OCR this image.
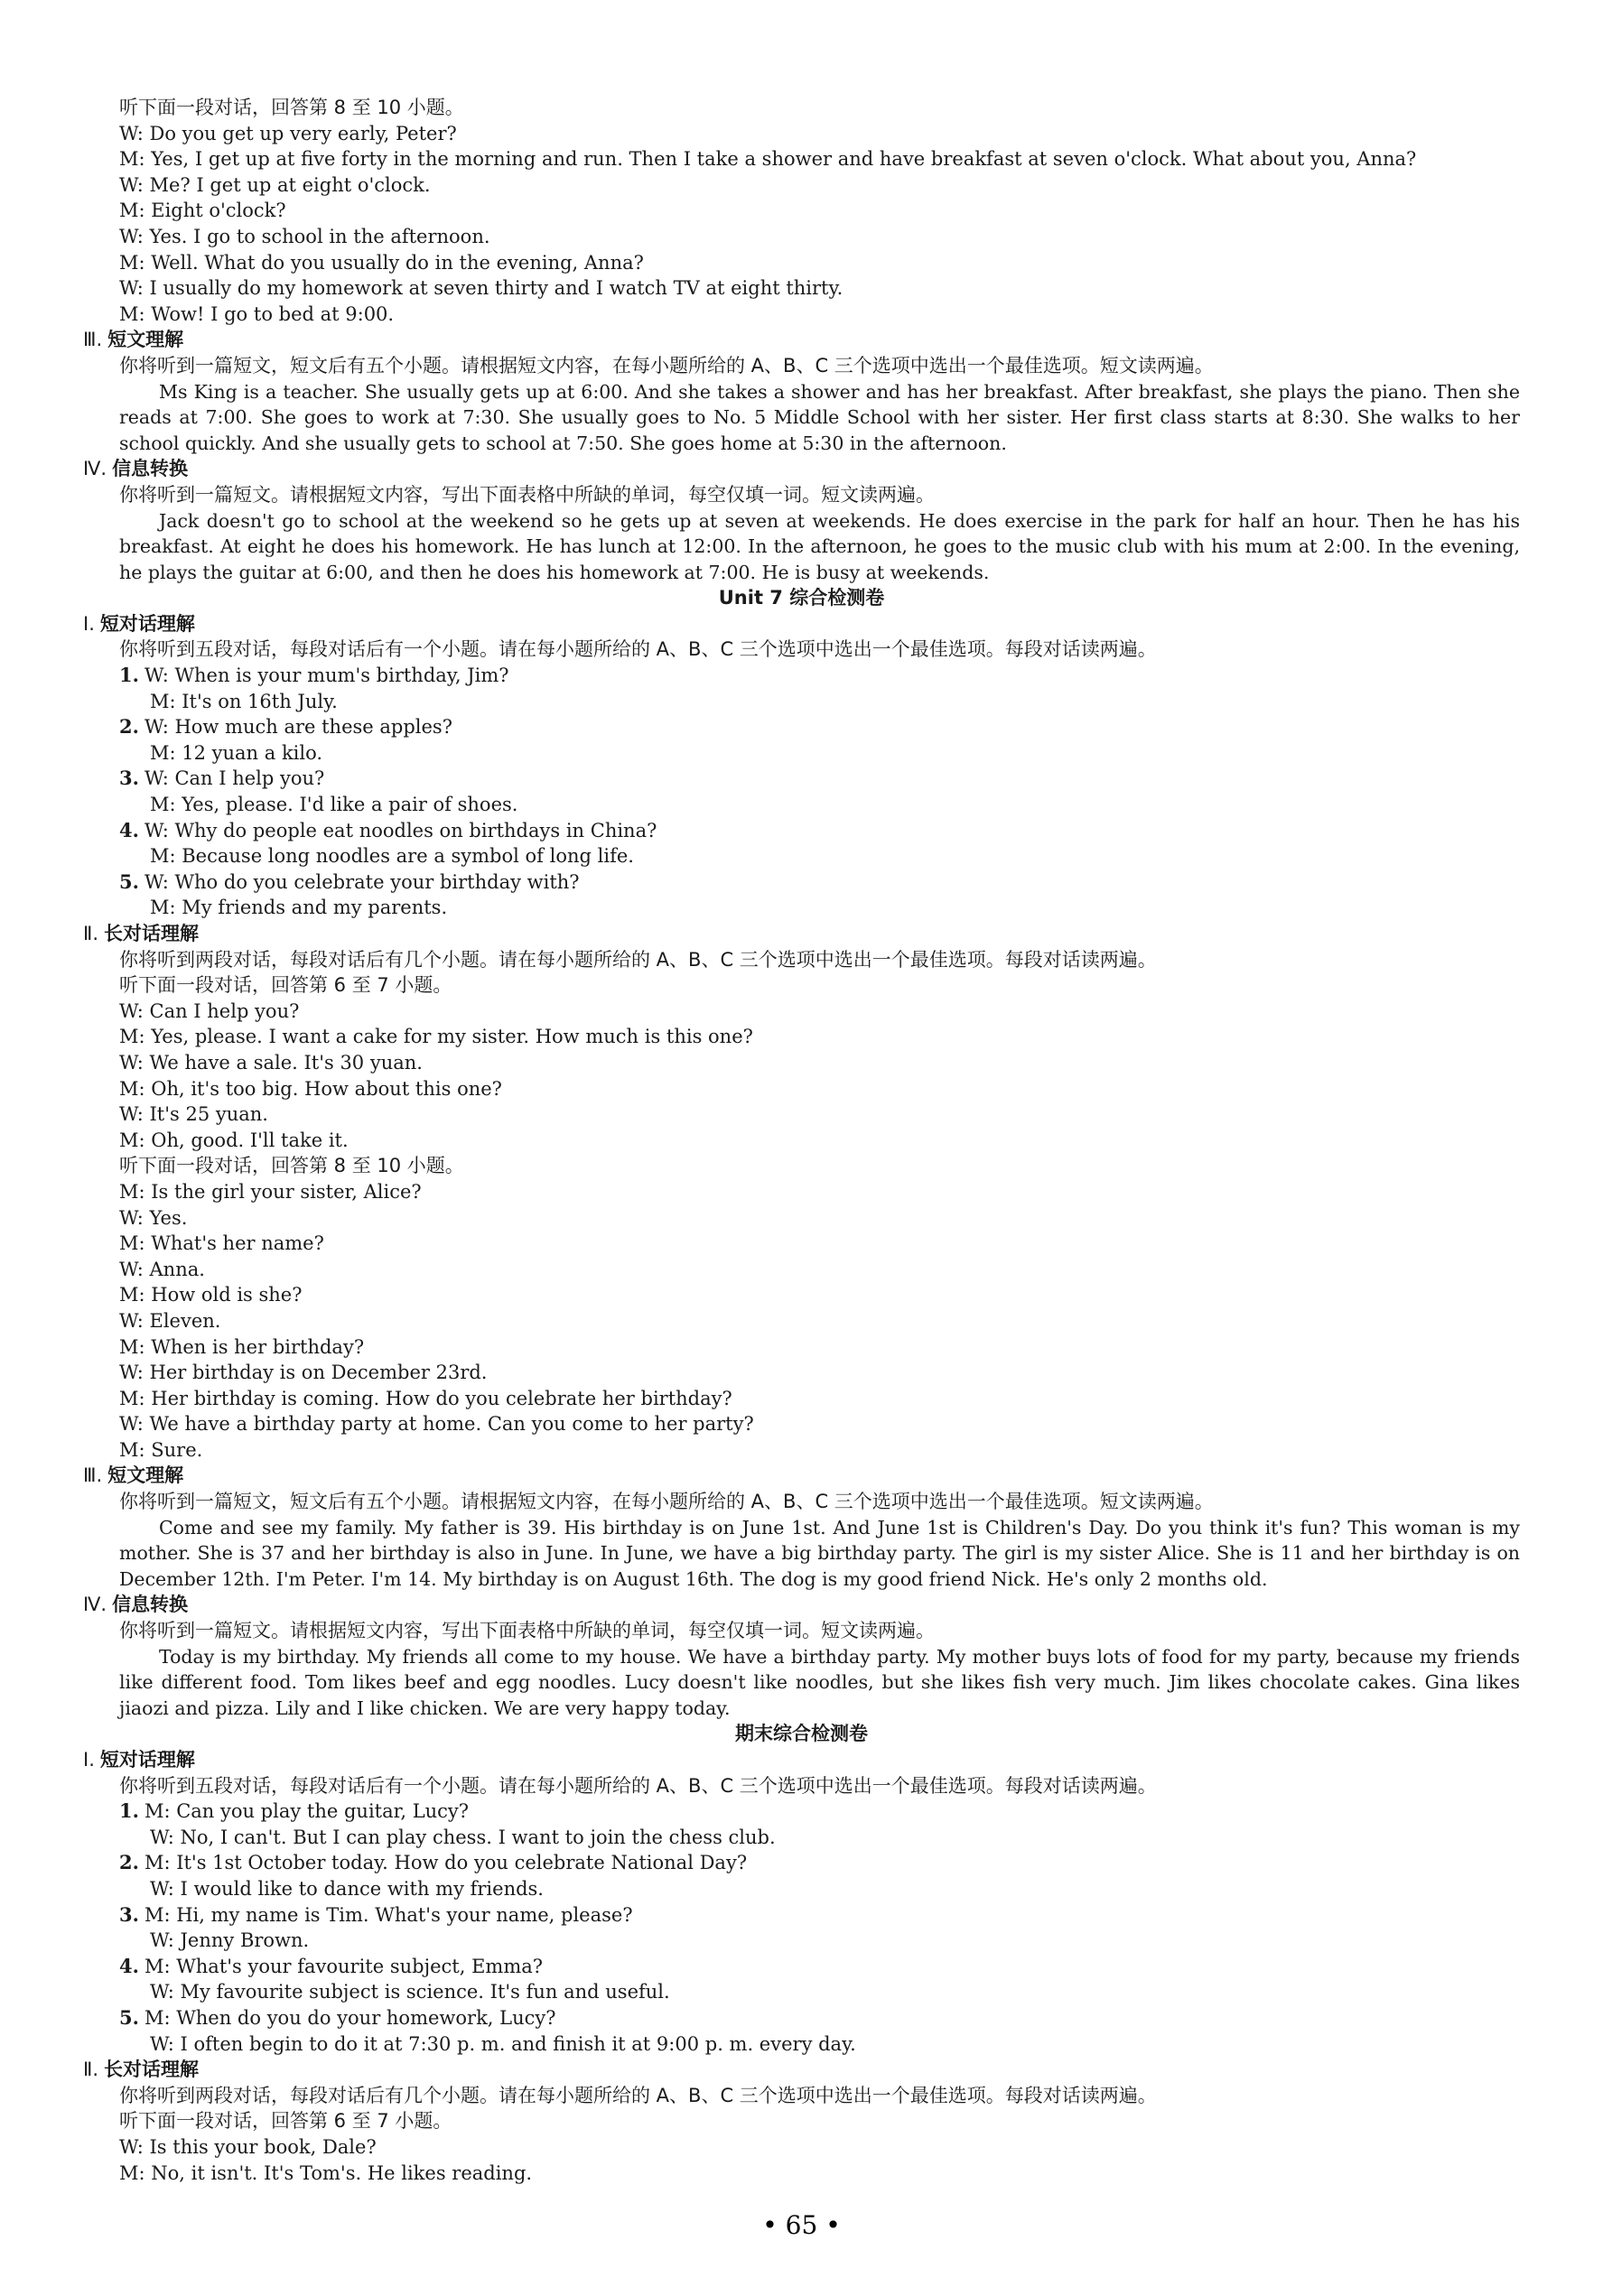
听下面一段对话，回答第 8 至 10 小题。
W: Do you get up very early, Peter?
M: Yes, I get up at five forty in the morning and run. Then I take a shower and have breakfast at seven o'clock. What about you, Anna?
W: Me? I get up at eight o'clock.
M: Eight o'clock?
W: Yes. I go to school in the afternoon.
M: Well. What do you usually do in the evening, Anna?
W: I usually do my homework at seven thirty and I watch TV at eight thirty.
M: Wow! I go to bed at 9:00.
Ⅲ. 短文理解
你将听到一篇短文，短文后有五个小题。请根据短文内容，在每小题所给的 A、B、C 三个选项中选出一个最佳选项。短文读两遍。
Ms King is a teacher. She usually gets up at 6:00. And she takes a shower and has her breakfast. After breakfast, she plays the piano. Then she reads at 7:00. She goes to work at 7:30. She usually goes to No. 5 Middle School with her sister. Her first class starts at 8:30. She walks to her school quickly. And she usually gets to school at 7:50. She goes home at 5:30 in the afternoon.
Ⅳ. 信息转换
你将听到一篇短文。请根据短文内容，写出下面表格中所缺的单词，每空仅填一词。短文读两遍。
Jack doesn't go to school at the weekend so he gets up at seven at weekends. He does exercise in the park for half an hour. Then he has his breakfast. At eight he does his homework. He has lunch at 12:00. In the afternoon, he goes to the music club with his mum at 2:00. In the evening, he plays the guitar at 6:00, and then he does his homework at 7:00. He is busy at weekends.
Unit 7 综合检测卷
Ⅰ. 短对话理解
你将听到五段对话，每段对话后有一个小题。请在每小题所给的 A、B、C 三个选项中选出一个最佳选项。每段对话读两遍。
1. W: When is your mum's birthday, Jim?
M: It's on 16th July.
2. W: How much are these apples?
M: 12 yuan a kilo.
3. W: Can I help you?
M: Yes, please. I'd like a pair of shoes.
4. W: Why do people eat noodles on birthdays in China?
M: Because long noodles are a symbol of long life.
5. W: Who do you celebrate your birthday with?
M: My friends and my parents.
Ⅱ. 长对话理解
你将听到两段对话，每段对话后有几个小题。请在每小题所给的 A、B、C 三个选项中选出一个最佳选项。每段对话读两遍。
听下面一段对话，回答第 6 至 7 小题。
W: Can I help you?
M: Yes, please. I want a cake for my sister. How much is this one?
W: We have a sale. It's 30 yuan.
M: Oh, it's too big. How about this one?
W: It's 25 yuan.
M: Oh, good. I'll take it.
听下面一段对话，回答第 8 至 10 小题。
M: Is the girl your sister, Alice?
W: Yes.
M: What's her name?
W: Anna.
M: How old is she?
W: Eleven.
M: When is her birthday?
W: Her birthday is on December 23rd.
M: Her birthday is coming. How do you celebrate her birthday?
W: We have a birthday party at home. Can you come to her party?
M: Sure.
Ⅲ. 短文理解
你将听到一篇短文，短文后有五个小题。请根据短文内容，在每小题所给的 A、B、C 三个选项中选出一个最佳选项。短文读两遍。
Come and see my family. My father is 39. His birthday is on June 1st. And June 1st is Children's Day. Do you think it's fun? This woman is my mother. She is 37 and her birthday is also in June. In June, we have a big birthday party. The girl is my sister Alice. She is 11 and her birthday is on December 12th. I'm Peter. I'm 14. My birthday is on August 16th. The dog is my good friend Nick. He's only 2 months old.
Ⅳ. 信息转换
你将听到一篇短文。请根据短文内容，写出下面表格中所缺的单词，每空仅填一词。短文读两遍。
Today is my birthday. My friends all come to my house. We have a birthday party. My mother buys lots of food for my party, because my friends like different food. Tom likes beef and egg noodles. Lucy doesn't like noodles, but she likes fish very much. Jim likes chocolate cakes. Gina likes jiaozi and pizza. Lily and I like chicken. We are very happy today.
期末综合检测卷
Ⅰ. 短对话理解
你将听到五段对话，每段对话后有一个小题。请在每小题所给的 A、B、C 三个选项中选出一个最佳选项。每段对话读两遍。
1. M: Can you play the guitar, Lucy?
W: No, I can't. But I can play chess. I want to join the chess club.
2. M: It's 1st October today. How do you celebrate National Day?
W: I would like to dance with my friends.
3. M: Hi, my name is Tim. What's your name, please?
W: Jenny Brown.
4. M: What's your favourite subject, Emma?
W: My favourite subject is science. It's fun and useful.
5. M: When do you do your homework, Lucy?
W: I often begin to do it at 7:30 p. m. and finish it at 9:00 p. m. every day.
Ⅱ. 长对话理解
你将听到两段对话，每段对话后有几个小题。请在每小题所给的 A、B、C 三个选项中选出一个最佳选项。每段对话读两遍。
听下面一段对话，回答第 6 至 7 小题。
W: Is this your book, Dale?
M: No, it isn't. It's Tom's. He likes reading.
• 65 •
